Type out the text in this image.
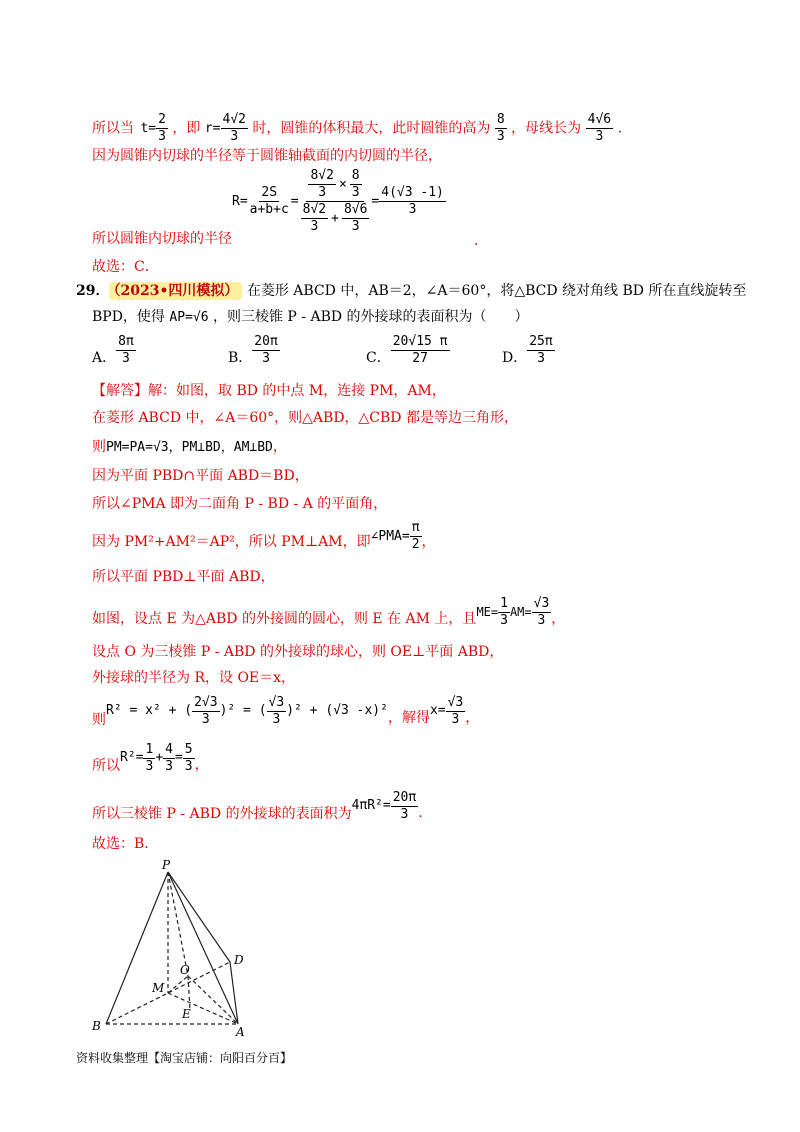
所以当 $t= \frac{2}{3}$ ，即 $r= \frac{4√2}{3}$ 时，圆锥的体积最大，此时圆锥的高为 $\frac{8}{3}$ ，母线长为 $\frac{4√6}{3}$ .
因为圆锥内切球的半径等于圆锥轴截面的内切圆的半径，
$R= \frac{2S}{a+b+c} = \frac{\frac{8√2}{3} \times \frac{8}{3}}{\frac{8√2}{3} + \frac{8√6}{3}} = \frac{4(√3 -1)}{3}$
所以圆锥内切球的半径	.
故选：C．
29． （2023•四川模拟） 在菱形 ABCD 中，AB＝2，∠A＝60°，将△BCD 绕对角线 BD 所在直线旋转至
BPD，使得 AP=√6 ，则三棱锥 P - ABD 的外接球的表面积为（　　）
A． $\frac{8\pi}{3}$	B． $\frac{20\pi}{3}$	C． $\frac{20√15 \pi}{27}$	D． $\frac{25\pi}{3}$
【解答】解：如图，取 BD 的中点 M，连接 PM，AM，
在菱形 ABCD 中，∠A＝60°，则△ABD，△CBD 都是等边三角形，
则PM=PA=√3，PM⊥BD，AM⊥BD，
因为平面 PBD∩平面 ABD＝BD，
所以∠PMA 即为二面角 P - BD - A 的平面角，
因为 PM²+AM²＝AP²，所以 PM⊥AM，即 ∠PMA= $\frac{\pi}{2}$ ，
所以平面 PBD⊥平面 ABD，
如图，设点 E 为△ABD 的外接圆的圆心，则 E 在 AM 上，且 $ME= \frac{1}{3} AM= \frac{√3}{3}$ ，
设点 O 为三棱锥 P - ABD 的外接球的球心，则 OE⊥平面 ABD，
外接球的半径为 R，设 OE＝x，
则
R² = x² + ( $\frac{2√3}{3} )^2$ = ( $\frac{√3}{3} )^2 + (√3$ -x)² ，解得 $x= \frac{√3}{3}$ ，
所以
$R^2= \frac{1}{3} + \frac{4}{3} = \frac{5}{3}$ ，
所以三棱锥 P - ABD 的外接球的表面积为
$4\pi R^2= \frac{20\pi}{3}$ .
故选：B．
P
D
O
M
E
B	A
资料收集整理【淘宝店铺：向阳百分百】
